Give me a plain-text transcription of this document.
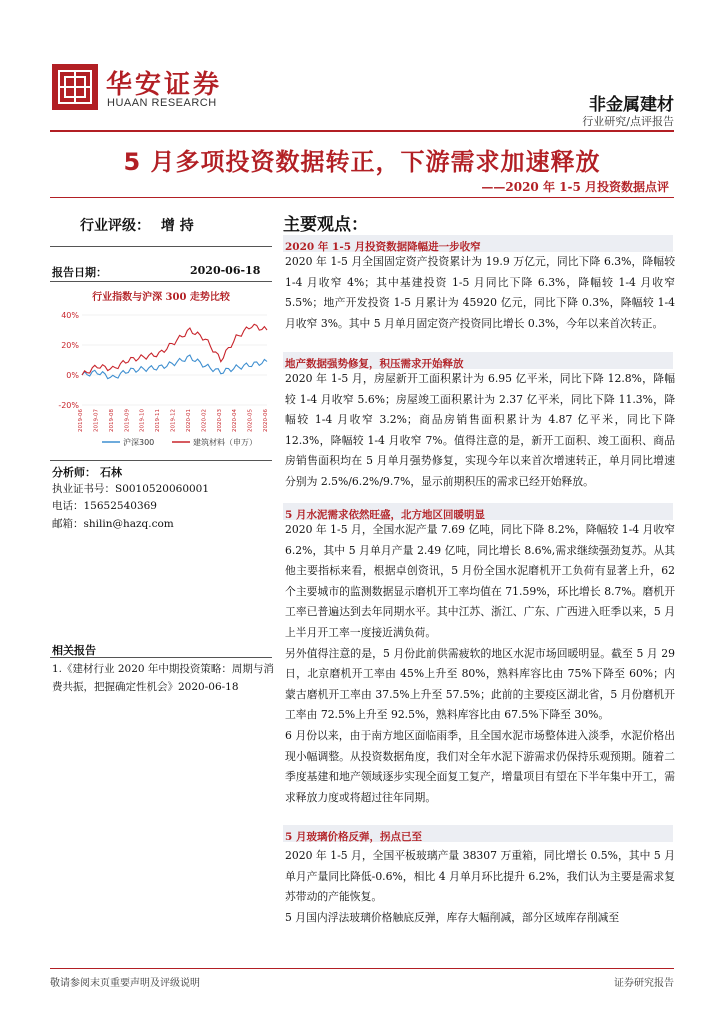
华安证券
HUAAN RESEARCH	非金属建材
行业研究/点评报告
5 月多项投资数据转正，下游需求加速释放
——2020 年 1-5 月投资数据点评
行业评级： 增 持
报告日期：	2020-06-18
行业指数与沪深 300 走势比较
40%
20%
0%
-20%
2019-06 2019-07 2019-08 2019-09 2019-10 2019-11 2019-12 2020-01 2020-02 2020-03 2020-04 2020-05 2020-06
沪深300	建筑材料（申万）
分析师： 石林
执业证书号：S0010520060001
电话：15652540369
邮箱：shilin@hazq.com
相关报告
1.《建材行业 2020 年中期投资策略：周期与消费共振，把握确定性机会》2020-06-18
主要观点：
2020 年 1-5 月投资数据降幅进一步收窄

2020 年 1-5 月全国固定资产投资累计为 19.9 万亿元，同比下降 6.3%，降幅较 1-4 月收窄 4%；其中基建投资 1-5 月同比下降 6.3%，降幅较 1-4 月收窄 5.5%；地产开发投资 1-5 月累计为 45920 亿元，同比下降 0.3%，降幅较 1-4 月收窄 3%。其中 5 月单月固定资产投资同比增长 0.3%，今年以来首次转正。

地产数据强势修复，积压需求开始释放

2020 年 1-5 月，房屋新开工面积累计为 6.95 亿平米，同比下降 12.8%，降幅较 1-4 月收窄 5.6%；房屋竣工面积累计为 2.37 亿平米，同比下降 11.3%，降幅较 1-4 月收窄 3.2%；商品房销售面积累计为 4.87 亿平米，同比下降 12.3%，降幅较 1-4 月收窄 7%。值得注意的是，新开工面积、竣工面积、商品房销售面积均在 5 月单月强势修复，实现今年以来首次增速转正，单月同比增速分别为 2.5%/6.2%/9.7%，显示前期积压的需求已经开始释放。

5 月水泥需求依然旺盛，北方地区回暖明显

2020 年 1-5 月，全国水泥产量 7.69 亿吨，同比下降 8.2%，降幅较 1-4 月收窄 6.2%，其中 5 月单月产量 2.49 亿吨，同比增长 8.6%,需求继续强劲复苏。从其他主要指标来看，根据卓创资讯，5 月份全国水泥磨机开工负荷有显著上升，62 个主要城市的监测数据显示磨机开工率均值在 71.59%，环比增长 8.7%。磨机开工率已普遍达到去年同期水平。其中江苏、浙江、广东、广西进入旺季以来，5 月上半月开工率一度接近满负荷。

另外值得注意的是，5 月份此前供需疲软的地区水泥市场回暖明显。截至 5 月 29 日，北京磨机开工率由 45%上升至 80%，熟料库容比由 75%下降至 60%；内蒙古磨机开工率由 37.5%上升至 57.5%；此前的主要疫区湖北省，5 月份磨机开工率由 72.5%上升至 92.5%，熟料库容比由 67.5%下降至 30%。

6 月份以来，由于南方地区面临雨季，且全国水泥市场整体进入淡季，水泥价格出现小幅调整。从投资数据角度，我们对全年水泥下游需求仍保持乐观预期。随着二季度基建和地产领域逐步实现全面复工复产，增量项目有望在下半年集中开工，需求释放力度或将超过往年同期。

5 月玻璃价格反弹，拐点已至

2020 年 1-5 月，全国平板玻璃产量 38307 万重箱，同比增长 0.5%，其中 5 月单月产量同比降低-0.6%，相比 4 月单月环比提升 6.2%，我们认为主要是需求复苏带动的产能恢复。

5 月国内浮法玻璃价格触底反弹，库存大幅削减，部分区域库存削减至

敬请参阅末页重要声明及评级说明	证券研究报告
